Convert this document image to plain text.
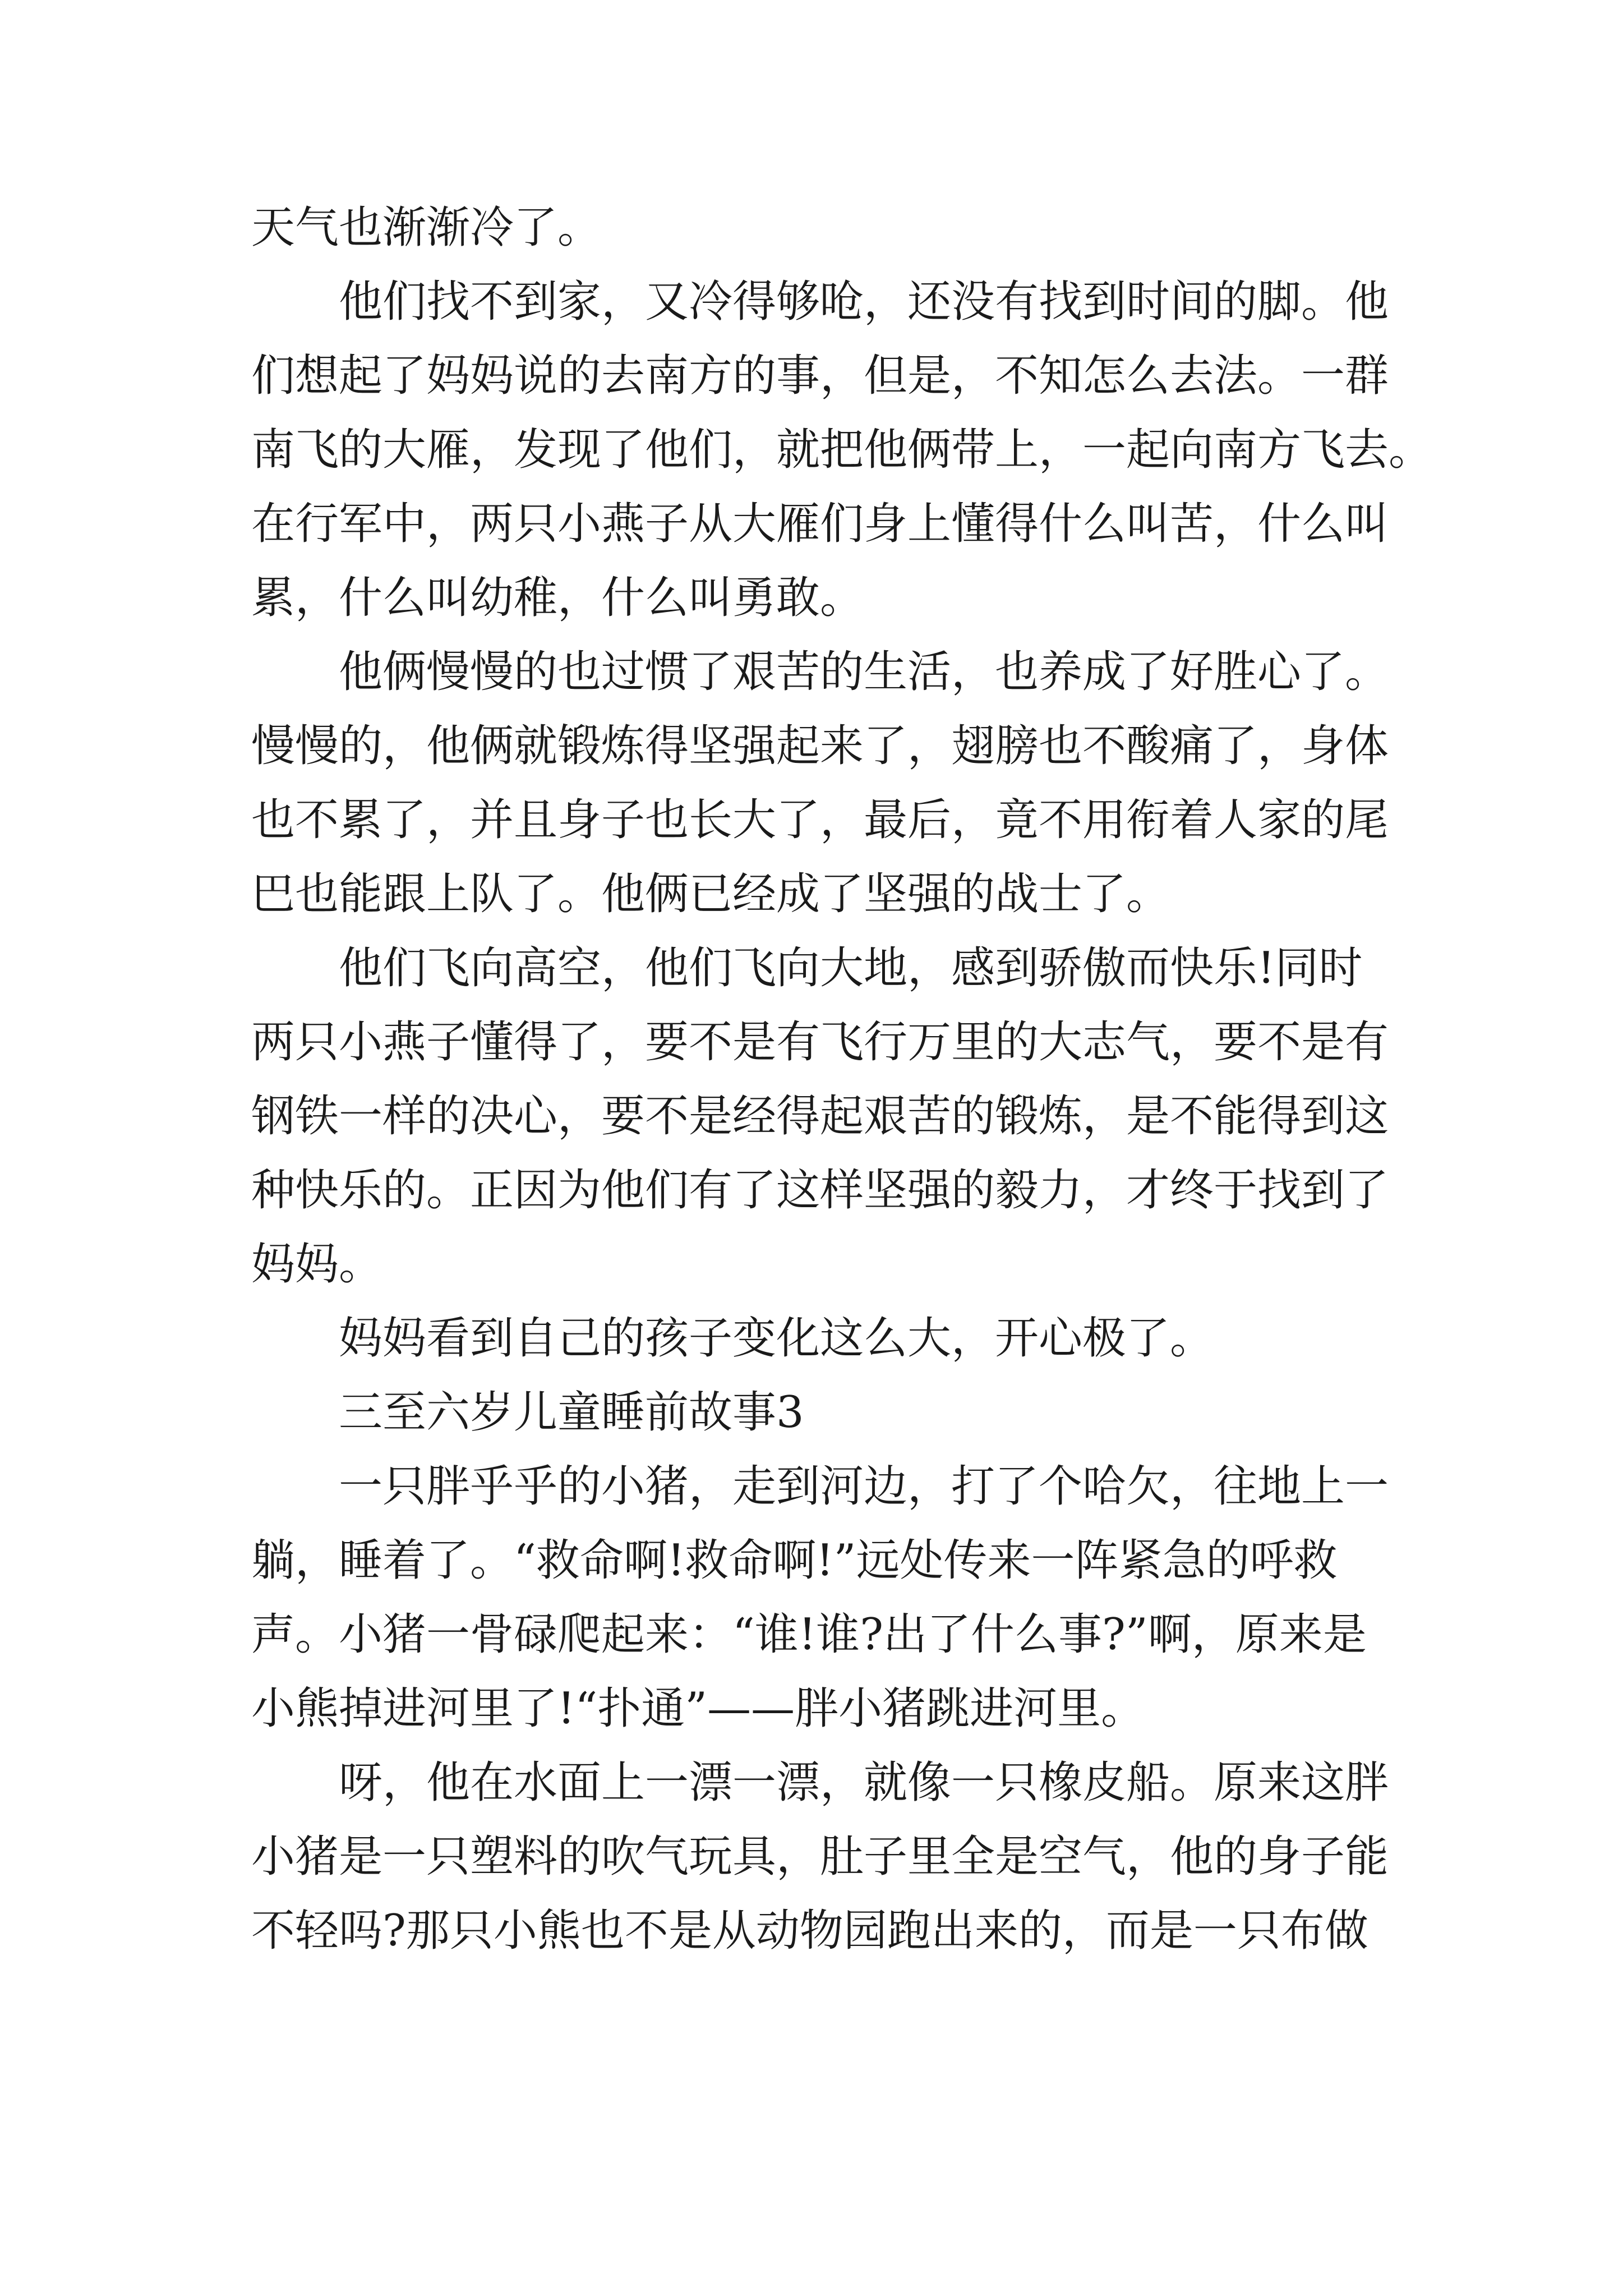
天气也渐渐冷了。
他们找不到家，又冷得够呛，还没有找到时间的脚。他
们想起了妈妈说的去南方的事，但是，不知怎么去法。一群
南飞的大雁，发现了他们，就把他俩带上，一起向南方飞去。
在行军中，两只小燕子从大雁们身上懂得什么叫苦，什么叫
累，什么叫幼稚，什么叫勇敢。
他俩慢慢的也过惯了艰苦的生活，也养成了好胜心了。
慢慢的，他俩就锻炼得坚强起来了，翅膀也不酸痛了，身体
也不累了，并且身子也长大了，最后，竟不用衔着人家的尾
巴也能跟上队了。他俩已经成了坚强的战士了。
他们飞向高空，他们飞向大地，感到骄傲而快乐!同时
两只小燕子懂得了，要不是有飞行万里的大志气，要不是有
钢铁一样的决心，要不是经得起艰苦的锻炼，是不能得到这
种快乐的。正因为他们有了这样坚强的毅力，才终于找到了
妈妈。
妈妈看到自己的孩子变化这么大，开心极了。
三至六岁儿童睡前故事3
一只胖乎乎的小猪，走到河边，打了个哈欠，往地上一
躺，睡着了。“救命啊!救命啊!”远处传来一阵紧急的呼救
声。小猪一骨碌爬起来：“谁!谁?出了什么事?”啊，原来是
小熊掉进河里了!“扑通”——胖小猪跳进河里。
呀，他在水面上一漂一漂，就像一只橡皮船。原来这胖
小猪是一只塑料的吹气玩具，肚子里全是空气，他的身子能
不轻吗?那只小熊也不是从动物园跑出来的，而是一只布做
